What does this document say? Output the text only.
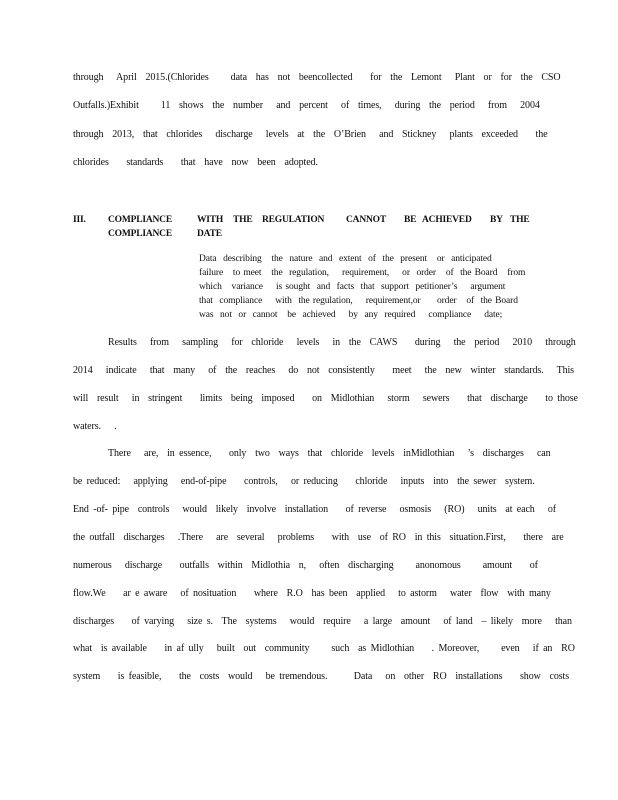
through   April  2015.(Chlorides     data  has  not  beencollected    for  the  Lemont   Plant  or  for  the  CSO
Outfalls.)Exhibit     11  shows  the  number   and  percent   of  times,   during  the  period   from   2004
through  2013,  that  chlorides   discharge   levels  at  the  O’Brien   and  Stickney   plants  exceeded    the
chlorides    standards    that  have  now  been  adopted.
III. COMPLIANCE
COMPLIANCE
WITH
DATE
THE REGULATION CANNOT BE ACHIEVED BY THE
Data  describing   the  nature  and  extent  of  the  present   or  anticipated
failure   to meet   the  regulation,    requirement,    or  order   of  the Board   from
which   variance    is sought  and  facts  that  support  petitioner’s    argument
that  compliance    with  the regulation,    requirement,or     order   of  the Board
was  not  or  cannot   be  achieved    by  any  required    compliance    date;
Results   from   sampling   for  chloride   levels   in  the  CAWS    during   the  period   2010   through
2014   indicate   that  many   of  the  reaches   do  not  consistently    meet   the  new  winter  standards.   This
will  result   in  stringent    limits  being  imposed    on  Midlothian   storm   sewers    that  discharge    to those
waters.   .
There   are,  in essence,    only  two  ways  that  chloride  levels  inMidlothian   ’s  discharges   can
be reduced:   applying   end-of-pipe    controls,   or reducing    chloride   inputs  into  the sewer  system.
End -of- pipe  controls   would  likely  involve  installation    of reverse   osmosis   (RO)   units  at each   of
the outfall  discharges   .There   are  several   problems    with  use  of RO  in this  situation.First,    there  are
numerous   discharge    outfalls  within  Midlothia  n,   often  discharging     anonomous     amount    of
flow.We    ar e aware   of nosituation    where  R.O  has been  applied   to astorm   water  flow  with many
discharges    of varying   size s.  The  systems   would  require   a large  amount   of land  – likely  more   than
what  is available    in af ully   built  out  community     such  as Midlothian    . Moreover,     even   if an  RO
system    is feasible,    the  costs  would   be tremendous.      Data   on  other  RO  installations    show  costs
